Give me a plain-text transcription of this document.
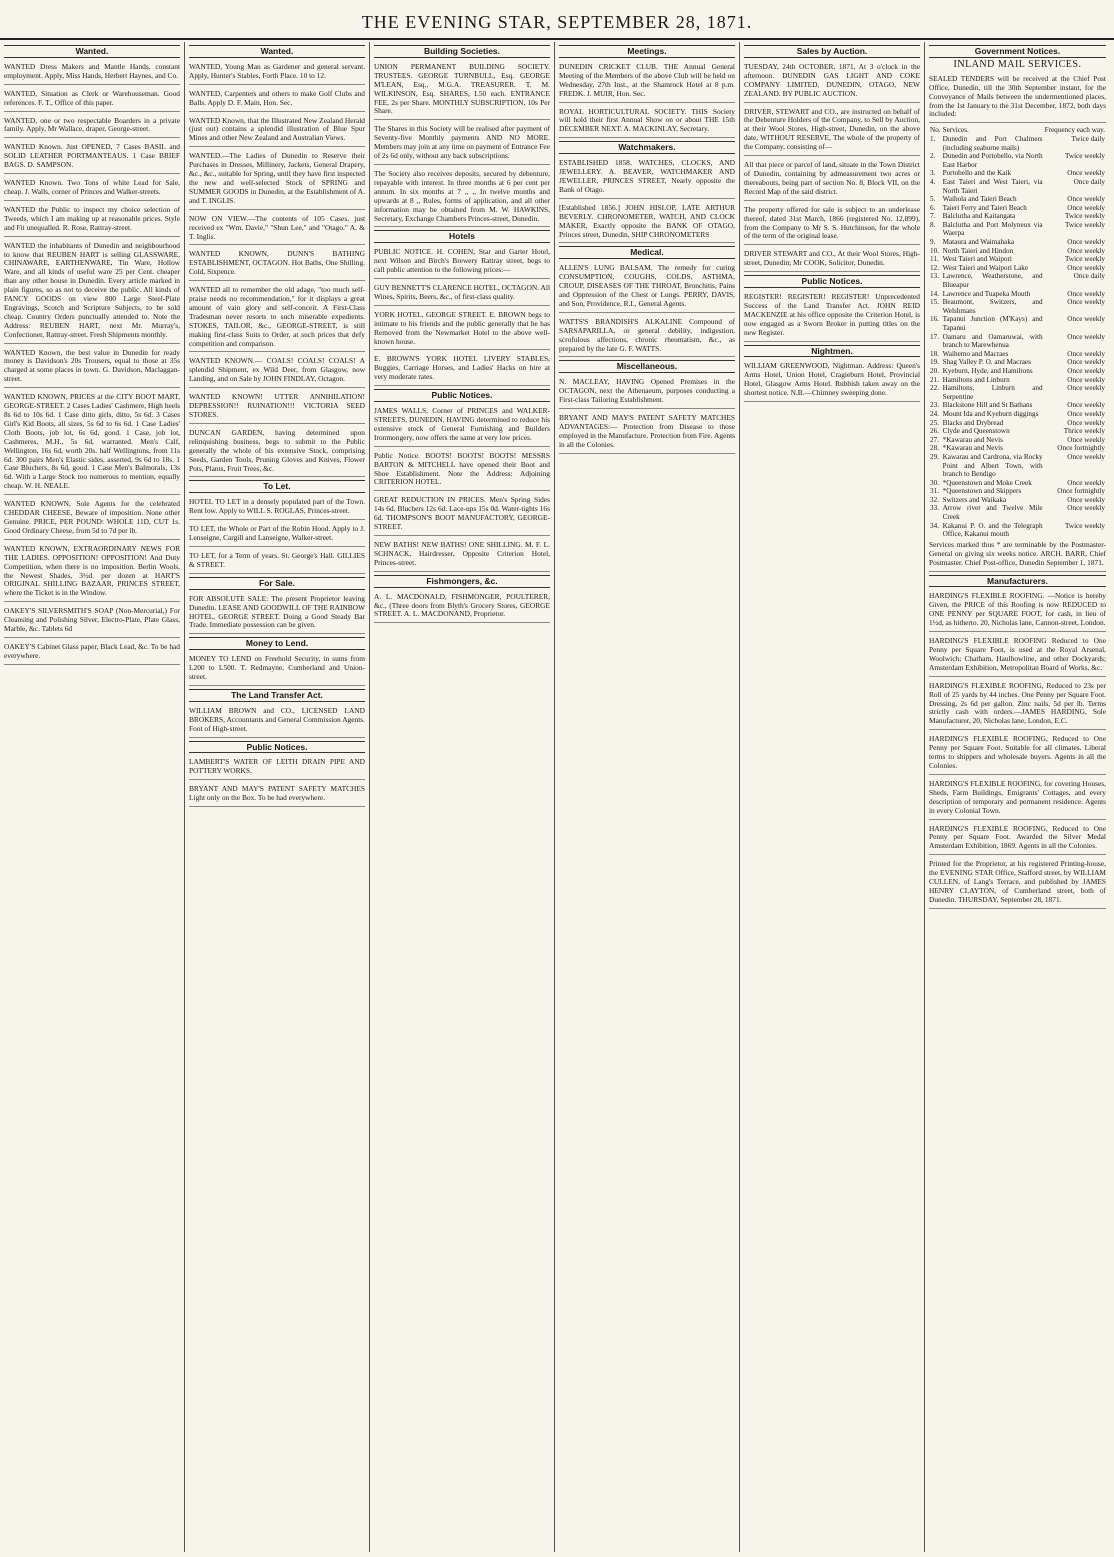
THE EVENING STAR, SEPTEMBER 28, 1871.
Wanted.
WANTED Dress Makers and Mantle Hands, constant employment. Apply, Miss Hands, Herbert Haynes, and Co.
WANTED, Situation as Clerk or Warehouseman. Good references. F. T., Office of this paper.
WANTED, one or two respectable Boarders in a private family. Apply, Mr Wallace, draper, George-street.
WANTED Known. Just OPENED, 7 Cases BASIL and SOLID LEATHER PORTMANTEAUS. 1 Case BRIEF BAGS. D. SAMPSON.
WANTED Known. Two Tons of white Lead for Sale, cheap. J. Walls, corner of Princes and Walker-streets.
WANTED the Public to inspect my choice selection of Tweeds, which I am making up at reasonable prices. Style and Fit unequalled. R. Rose, Rattray-street.
WANTED the inhabitants of Dunedin and neighbourhood to know that REUBEN HART is selling GLASSWARE, CHINAWARE, EARTHENWARE, Tin Ware, Hollow Ware, and all kinds of useful ware 25 per Cent. cheaper than any other house in Dunedin. Every article marked in plain figures, so as not to deceive the public. All kinds of FANCY GOODS on view 800 Large Steel-Plate Engravings, Scotch and Scripture Subjects, to be sold cheap. Country Orders punctually attended to. Note the Address: REUBEN HART, next Mr. Murray's, Confectioner, Rattray-street. Fresh Shipments monthly.
WANTED Known, the best value in Dunedin for ready money is Davidson's 20s Trousers, equal to those at 35s charged at some places in town. G. Davidson, Maclaggan-street.
WANTED KNOWN, PRICES at the CITY BOOT MART, GEORGE-STREET. 2 Cases Ladies' Cashmere, High heels 8s 6d to 10s 6d. 1 Case ditto girls, ditto, 5s 6d. 3 Cases Girl's Kid Boots, all sizes, 5s 6d to 6s 6d. 1 Case Ladies' Cloth Boots, job lot, 6s 6d, good. 1 Case, job lot, Cashmeres, M.H., 5s 6d, warranted. Men's Calf, Wellington, 16s 6d, worth 20s. half Wellingtons, from 11s 6d. 300 pairs Men's Elastic sides, asserted, 9s 6d to 18s. 1 Case Bluchers, 8s 6d, good. 1 Case Men's Balmorals, 13s 6d. With a Large Stock too numerous to mention, equally cheap. W. H. NEALE.
WANTED KNOWN, Sole Agents for the celebrated CHEDDAR CHEESE, Beware of imposition. None other Genuine. PRICE, PER POUND: WHOLE 11D, CUT 1s. Good Ordinary Cheese, from 5d to 7d per lb.
WANTED KNOWN, EXTRAORDINARY NEWS FOR THE LADIES. OPPOSITION! OPPOSITION! And Duty Competition, when there is no imposition. Berlin Wools, the Newest Shades, 3½d. per dozen at HART'S ORIGINAL SHILLING BAZAAR, PRINCES STREET, where the Ticket is in the Window.
OAKEY'S SILVERSMITH'S SOAP (Non-Mercurial,) For Cleansing and Polishing Silver, Electro-Plate, Plate Glass, Marble, &c. Tablets 6d
OAKEY'S Cabinet Glass paper, Black Lead, &c. To be had everywhere.
Wanted.
WANTED, Young Man as Gardener and general servant. Apply, Hunter's Stables, Forth Place. 10 to 12.
WANTED, Carpenters and others to make Golf Clubs and Balls. Apply D. F. Main, Hon. Sec.
WANTED Known, that the Illustrated New Zealand Herald (just out) contains a splendid illustration of Blue Spur Mines and other New Zealand and Australian Views.
WANTED.—The Ladies of Dunedin to Reserve their Purchases in Dresses, Millinery, Jackets, General Drapery, &c., &c., suitable for Spring, until they have first inspected the new and well-selected Stock of SPRING and SUMMER GOODS in Dunedin, at the Establishment of A. and T. INGLIS.
NOW ON VIEW.—The contents of 105 Cases, just received ex "Wm. Davie," "Shun Lee," and "Otago." A. & T. Inglis.
WANTED KNOWN, DUNN'S BATHING ESTABLISHMENT, OCTAGON. Hot Baths, One Shilling. Cold, Sixpence.
WANTED all to remember the old adage, "too much self-praise needs no recommendation," for it displays a great amount of vain glory and self-conceit. A First-Class Tradesman never resorts to such miserable expedients. STOKES, TAILOR, &c., GEORGE-STREET, is still making first-class Suits to Order, at such prices that defy competition and comparison.
WANTED KNOWN.— COALS! COALS! COALS! A splendid Shipment, ex Wild Deer, from Glasgow, now Landing, and on Sale by JOHN FINDLAY, Octagon.
WANTED KNOWN! UTTER ANNIHILATION! DEPRESSION!! RUINATION!!! VICTORIA SEED STORES.
DUNCAN GARDEN, having determined upon relinquishing business, begs to submit to the Public generally the whole of his extensive Stock, comprising Seeds, Garden Tools, Pruning Gloves and Knives, Flower Pots, Plants, Fruit Trees, &c.
To Let.
HOTEL TO LET in a densely populated part of the Town. Rent low. Apply to WILL S. ROGLAS, Princes-street.
TO LET, the Whole or Part of the Robin Hood. Apply to J. Lenseigne, Cargill and Lanseigne, Walker-street.
TO LET, for a Term of years. St. George's Hall. GILLIES & STREET.
For Sale.
FOR ABSOLUTE SALE: The present Proprietor leaving Dunedin. LEASE AND GOODWILL OF THE RAINBOW HOTEL, GEORGE STREET. Doing a Good Steady Bar Trade. Immediate possession can be given.
Money to Lend.
MONEY TO LEND on Freehold Security, in sums from L200 to L500. T. Redmayne, Cumberland and Union-street.
The Land Transfer Act.
WILLIAM BROWN and CO., LICENSED LAND BROKERS, Accountants and General Commission Agents. Foot of High-street.
Public Notices.
LAMBERT'S WATER OF LEITH DRAIN PIPE AND POTTERY WORKS.
BRYANT AND MAY'S PATENT SAFETY MATCHES Light only on the Box. To be had everywhere.
Building Societies.
UNION PERMANENT BUILDING SOCIETY. TRUSTEES. GEORGE TURNBULL, Esq. GEORGE M'LEAN, Esq., M.G.A. TREASURER. T. M. WILKINSON, Esq. SHARES, L50 each. ENTRANCE FEE, 2s per Share. MONTHLY SUBSCRIPTION, 10s Per Share.
The Shares in this Society will be realised after payment of Seventy-five Monthly payments AND NO MORE. Members may join at any time on payment of Entrance Fee of 2s 6d only, without any back subscriptions.
The Society also receives deposits, secured by debenture, repayable with interest. In three months at 6 per cent per annum. In six months at 7 ,, ,, In twelve months and upwards at 8 ,, Rules, forms of application, and all other information may be obtained from M. W. HAWKINS, Secretary, Exchange Chambers Princes-street, Dunedin.
Hotels
PUBLIC NOTICE. H. COHEN, Star and Garter Hotel, next Wilson and Birch's Brewery Rattray street, begs to call public attention to the following prices:—
GUY BENNETT'S CLARENCE HOTEL, OCTAGON. All Wines, Spirits, Beers, &c., of first-class quality.
YORK HOTEL, GEORGE STREET. E. BROWN begs to intimate to his friends and the public generally that he has Removed from the Newmarket Hotel to the above well-known house.
E. BROWN'S YORK HOTEL LIVERY STABLES, Buggies, Carriage Horses, and Ladies' Hacks on hire at very moderate rates.
Public Notices.
JAMES WALLS, Corner of PRINCES and WALKER-STREETS, DUNEDIN. HAVING determined to reduce his extensive stock of General Furnishing and Builders Ironmongery, now offers the same at very low prices.
Public Notice. BOOTS! BOOTS! BOOTS! MESSRS BARTON & MITCHELL have opened their Boot and Shoe Establishment. Note the Address: Adjoining CRITERION HOTEL.
GREAT REDUCTION IN PRICES. Men's Spring Sides 14s 6d. Bluchers 12s 6d. Lace-ups 15s 0d. Water-tights 16s 6d. THOMPSON'S BOOT MANUFACTORY, GEORGE-STREET.
NEW BATHS! NEW BATHS! ONE SHILLING. M. F. L. SCHNACK, Hairdresser, Opposite Criterion Hotel, Princes-street.
Fishmongers, &c.
A. L. MACDONALD, FISHMONGER, POULTERER, &c., (Three doors from Blyth's Grocery Stores, GEORGE STREET. A. L. MACDONAND, Proprietor.
Meetings.
DUNEDIN CRICKET CLUB. THE Annual General Meeting of the Members of the above Club will be held on Wednesday, 27th Inst., at the Shamrock Hotel at 8 p.m. FREDK. J. MUIR, Hon. Sec.
ROYAL HORTICULTURAL SOCIETY. THIS Society will hold their first Annual Show on or about THE 15th DECEMBER NEXT. A. MACKINLAY, Secretary.
Watchmakers.
ESTABLISHED 1858. WATCHES, CLOCKS, AND JEWELLERY. A. BEAVER, WATCHMAKER AND JEWELLER, PRINCES STREET, Nearly opposite the Bank of Otago.
[Established 1856.] JOHN HISLOP, LATE ARTHUR BEVERLY. CHRONOMETER, WATCH, AND CLOCK MAKER, Exactly opposite the BANK OF OTAGO, Princes street, Dunedin, SHIP CHRONOMETERS
Medical.
ALLEN'S LUNG BALSAM. The remedy for curing CONSUMPTION, COUGHS, COLDS, ASTHMA, CROUP, DISEASES OF THE THROAT, Bronchitis, Pains and Oppression of the Chest or Lungs. PERRY, DAVIS, and Son, Providence, R.I., General Agents.
WATTS'S BRANDISH'S ALKALINE Compound of SARSAPARILLA, or general debility, indigestion, scrofulous affections, chronic rheumatism, &c., as prepared by the late G. F. WATTS.
Miscellaneous.
N. MACLEAY, HAVING Opened Premises in the OCTAGON, next the Athenaeum, purposes conducting a First-class Tailoring Establishment.
BRYANT AND MAY'S PATENT SAFETY MATCHES ADVANTAGES:— Protection from Disease to those employed in the Manufacture. Protection from Fire. Agents in all the Colonies.
Sales by Auction.
TUESDAY, 24th OCTOBER, 1871, At 3 o'clock in the afternoon. DUNEDIN GAS LIGHT AND COKE COMPANY LIMITED, DUNEDIN, OTAGO, NEW ZEALAND. BY PUBLIC AUCTION.
DRIVER, STEWART and CO., are instructed on behalf of the Debenture Holders of the Company, to Sell by Auction, at their Wool Stores, High-street, Dunedin, on the above date, WITHOUT RESERVE, The whole of the property of the Company, consisting of—
All that piece or parcel of land, situate in the Town District of Dunedin, containing by admeasurement two acres or thereabouts, being part of section No. 8, Block VII, on the Record Map of the said district.
The property offered for sale is subject to an underlease thereof, dated 31st March, 1866 (registered No. 12,899), from the Company to Mr S. S. Hutchinson, for the whole of the term of the original lease.
DRIVER STEWART and CO., At their Wool Stores, High-street, Dunedin; Mr COOK, Solicitor, Dunedin.
Public Notices.
REGISTER! REGISTER! REGISTER! Unprecedented Success of the Land Transfer Act. JOHN REID MACKENZIE at his office opposite the Criterion Hotel, is now engaged as a Sworn Broker in putting titles on the new Register.
Nightmen.
WILLIAM GREENWOOD, Nightman. Address: Queen's Arms Hotel, Union Hotel, Cragieburn Hotel, Provincial Hotel, Glasgow Arms Hotel. Rubbish taken away on the shortest notice. N.B.—Chimney sweeping done.
Government Notices.
INLAND MAIL SERVICES.
SEALED TENDERS will be received at the Chief Post Office, Dunedin, till the 30th September instant, for the Conveyance of Mails between the undermentioned places, from the 1st January to the 31st December, 1872, both days included:
No.	Services.	Frequency each way.
1.	Dunedin and Port Chalmers (including seaborne mails)	Twice daily
2.	Dunedin and Portobello, via North East Harbor	Twice weekly
3.	Portobello and the Kaik	Once weekly
4.	East Taieri and West Taieri, via North Taieri	Once daily
5.	Waihola and Taieri Beach	Once weekly
6.	Taieri Ferry and Taieri Beach	Once weekly
7.	Balclutha and Kaitangata	Twice weekly
8.	Balclutha and Port Molyneux via Waerpa	Twice weekly
9.	Mataura and Waimahaka	Once weekly
10.	North Taieri and Hindon	Once weekly
11.	West Taieri and Waipori	Twice weekly
12.	West Taieri and Waipori Lake	Once weekly
13.	Lawrence, Weatherstone, and Blueapur	Once daily
14.	Lawrence and Tuapeka Mouth	Once weekly
15.	Beaumont, Switzers, and Welshmans	Once weekly
16.	Tapanui Junction (M'Kays) and Tapanui	Once weekly
17.	Oamaru and Oamaruwai, with branch to Marewhenua	Once weekly
18.	Waihemo and Macraes	Once weekly
19.	Shag Valley P. O. and Macraes	Once weekly
20.	Kyeburn, Hyde, and Hamiltons	Once weekly
21.	Hamiltons and Linburn	Once weekly
22.	Hamiltons, Linburn and Serpentine	Once weekly
23.	Blackstone Hill and St Bathans	Once weekly
24.	Mount Ida and Kyeburn diggings	Once weekly
25.	Blacks and Drybread	Once weekly
26.	Clyde and Queenstown	Thrice weekly
27.	*Kawarau and Nevis	Once weekly
28.	*Kawarau and Nevis	Once fortnightly
29.	Kawarau and Cardrona, via Rocky Point and Albert Town, with branch to Bendigo	Once weekly
30.	*Queenstown and Moke Creek	Once weekly
31.	*Queenstown and Skippers	Once fortnightly
32.	Switzers and Waikaka	Once weekly
33.	Arrow river and Twelve Mile Creek	Once weekly
34.	Kakanui P. O. and the Telegraph Office, Kakanui mouth	Twice weekly
Services marked thus * are terminable by the Postmaster-General on giving six weeks notice. ARCH. BARR, Chief Postmaster. Chief Post-office, Dunedin September 1, 1871.
Manufacturers.
HARDING'S FLEXIBLE ROOFING. —Notice is hereby Given, the PRICE of this Roofing is now REDUCED to ONE PENNY per SQUARE FOOT, for cash, in lieu of 1½d, as hitherto. 20, Nicholas lane, Cannon-street, London.
HARDING'S FLEXIBLE ROOFING Reduced to One Penny per Square Foot, is used at the Royal Arsenal, Woolwich; Chatham, Haulbowline, and other Dockyards; Amsterdam Exhibition, Metropolitan Board of Works, &c.
HARDING'S FLEXIBLE ROOFING, Reduced to 23s per Roll of 25 yards by 44 inches. One Penny per Square Foot. Dressing, 2s 6d per gallon. Zinc nails, 5d per lb. Terms strictly cash with orders.—JAMES HARDING, Sole Manufacturer, 20, Nicholas lane, London, E.C.
HARDING'S FLEXIBLE ROOFING, Reduced to One Penny per Square Foot. Suitable for all climates. Liberal terms to shippers and wholesale buyers. Agents in all the Colonies.
HARDING'S FLEXIBLE ROOFING, for covering Houses, Sheds, Farm Buildings, Emigrants' Cottages, and every description of temporary and permanent residence. Agents in every Colonial Town.
HARDING'S FLEXIBLE ROOFING, Reduced to One Penny per Square Foot. Awarded the Silver Medal Amsterdam Exhibition, 1869. Agents in all the Colonies.
Printed for the Proprietor, at his registered Printing-house, the EVENING STAR Office, Stafford street, by WILLIAM CULLEN, of Lang's Terrace, and published by JAMES HENRY CLAYTON, of Cumberland street, both of Dunedin. THURSDAY, September 28, 1871.
